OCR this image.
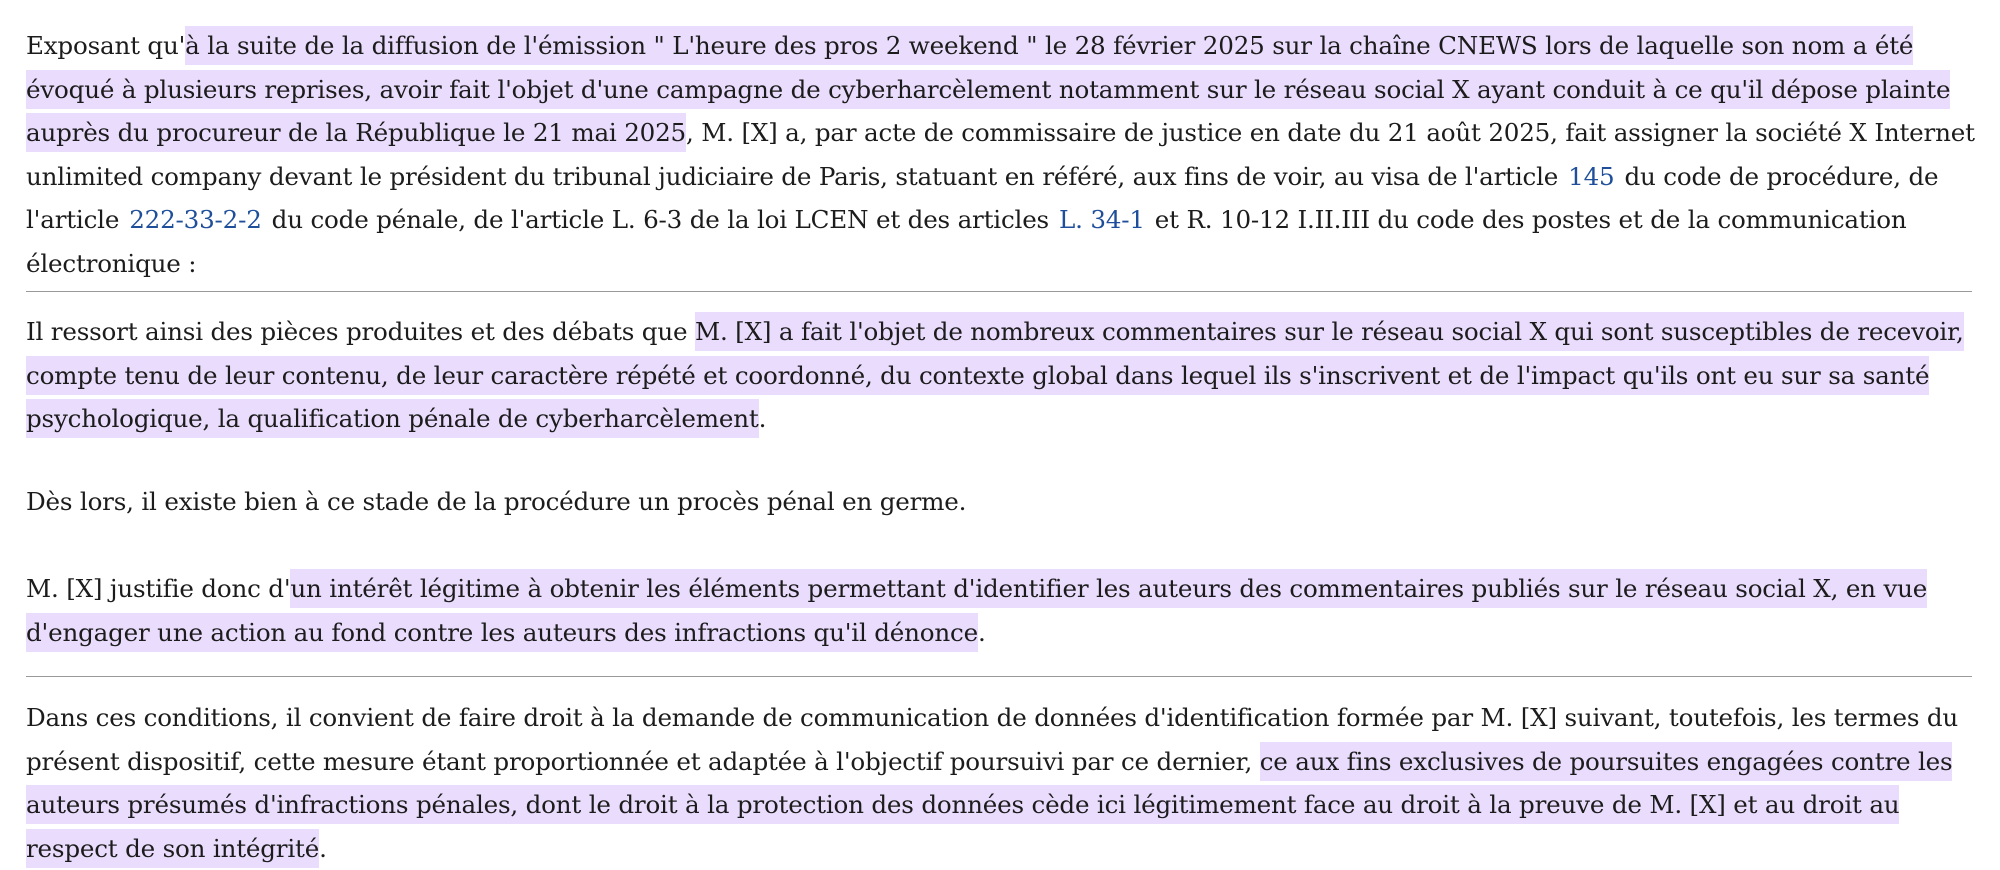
Exposant qu'à la suite de la diffusion de l'émission " L'heure des pros 2 weekend " le 28 février 2025 sur la chaîne CNEWS lors de laquelle son nom a été évoqué à plusieurs reprises, avoir fait l'objet d'une campagne de cyberharcèlement notamment sur le réseau social X ayant conduit à ce qu'il dépose plainte auprès du procureur de la République le 21 mai 2025, M. [X] a, par acte de commissaire de justice en date du 21 août 2025, fait assigner la société X Internet unlimited company devant le président du tribunal judiciaire de Paris, statuant en référé, aux fins de voir, au visa de l'article 145 du code de procédure, de l'article 222-33-2-2 du code pénale, de l'article L. 6-3 de la loi LCEN et des articles L. 34-1 et R. 10-12 I.II.III du code des postes et de la communication électronique :

Il ressort ainsi des pièces produites et des débats que M. [X] a fait l'objet de nombreux commentaires sur le réseau social X qui sont susceptibles de recevoir, compte tenu de leur contenu, de leur caractère répété et coordonné, du contexte global dans lequel ils s'inscrivent et de l'impact qu'ils ont eu sur sa santé psychologique, la qualification pénale de cyberharcèlement.

Dès lors, il existe bien à ce stade de la procédure un procès pénal en germe.

M. [X] justifie donc d'un intérêt légitime à obtenir les éléments permettant d'identifier les auteurs des commentaires publiés sur le réseau social X, en vue d'engager une action au fond contre les auteurs des infractions qu'il dénonce.

Dans ces conditions, il convient de faire droit à la demande de communication de données d'identification formée par M. [X] suivant, toutefois, les termes du présent dispositif, cette mesure étant proportionnée et adaptée à l'objectif poursuivi par ce dernier, ce aux fins exclusives de poursuites engagées contre les auteurs présumés d'infractions pénales, dont le droit à la protection des données cède ici légitimement face au droit à la preuve de M. [X] et au droit au respect de son intégrité.
